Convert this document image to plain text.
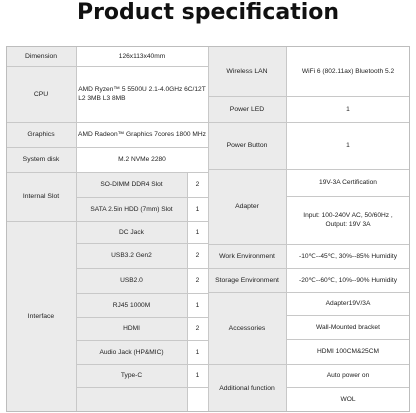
Product specification
Dimension	126x113x40mm
CPU
AMD Ryzen™ 5 5500U 2.1-4.0GHz 6C/12T
L2 3MB L3 8MB
Graphics	AMD Radeon™ Graphics 7cores 1800 MHz
System disk	M.2 NVMe 2280
Internal Slot
SO-DIMM DDR4 Slot	2
SATA 2.5in HDD (7mm) Slot	1
Interface
DC Jack	1
USB3.2 Gen2	2
USB2.0	2
RJ45 1000M	1
HDMI	2
Audio Jack (HP&MIC)	1
Type-C	1
Wireless LAN	WiFi 6 (802.11ax) Bluetooth 5.2
Power LED	1
Power Button	1
Adapter
19V-3A Certification
Input: 100-240V AC, 50/60Hz ,
Output: 19V 3A
Work Environment	-10℃--45℃, 30%--85% Humidity
Storage Environment	-20℃--60℃, 10%--90% Humidity
Accessories
Adapter19V/3A
Wall-Mounted bracket
HDMI 100CM&25CM
Additional function
Auto power on
WOL
